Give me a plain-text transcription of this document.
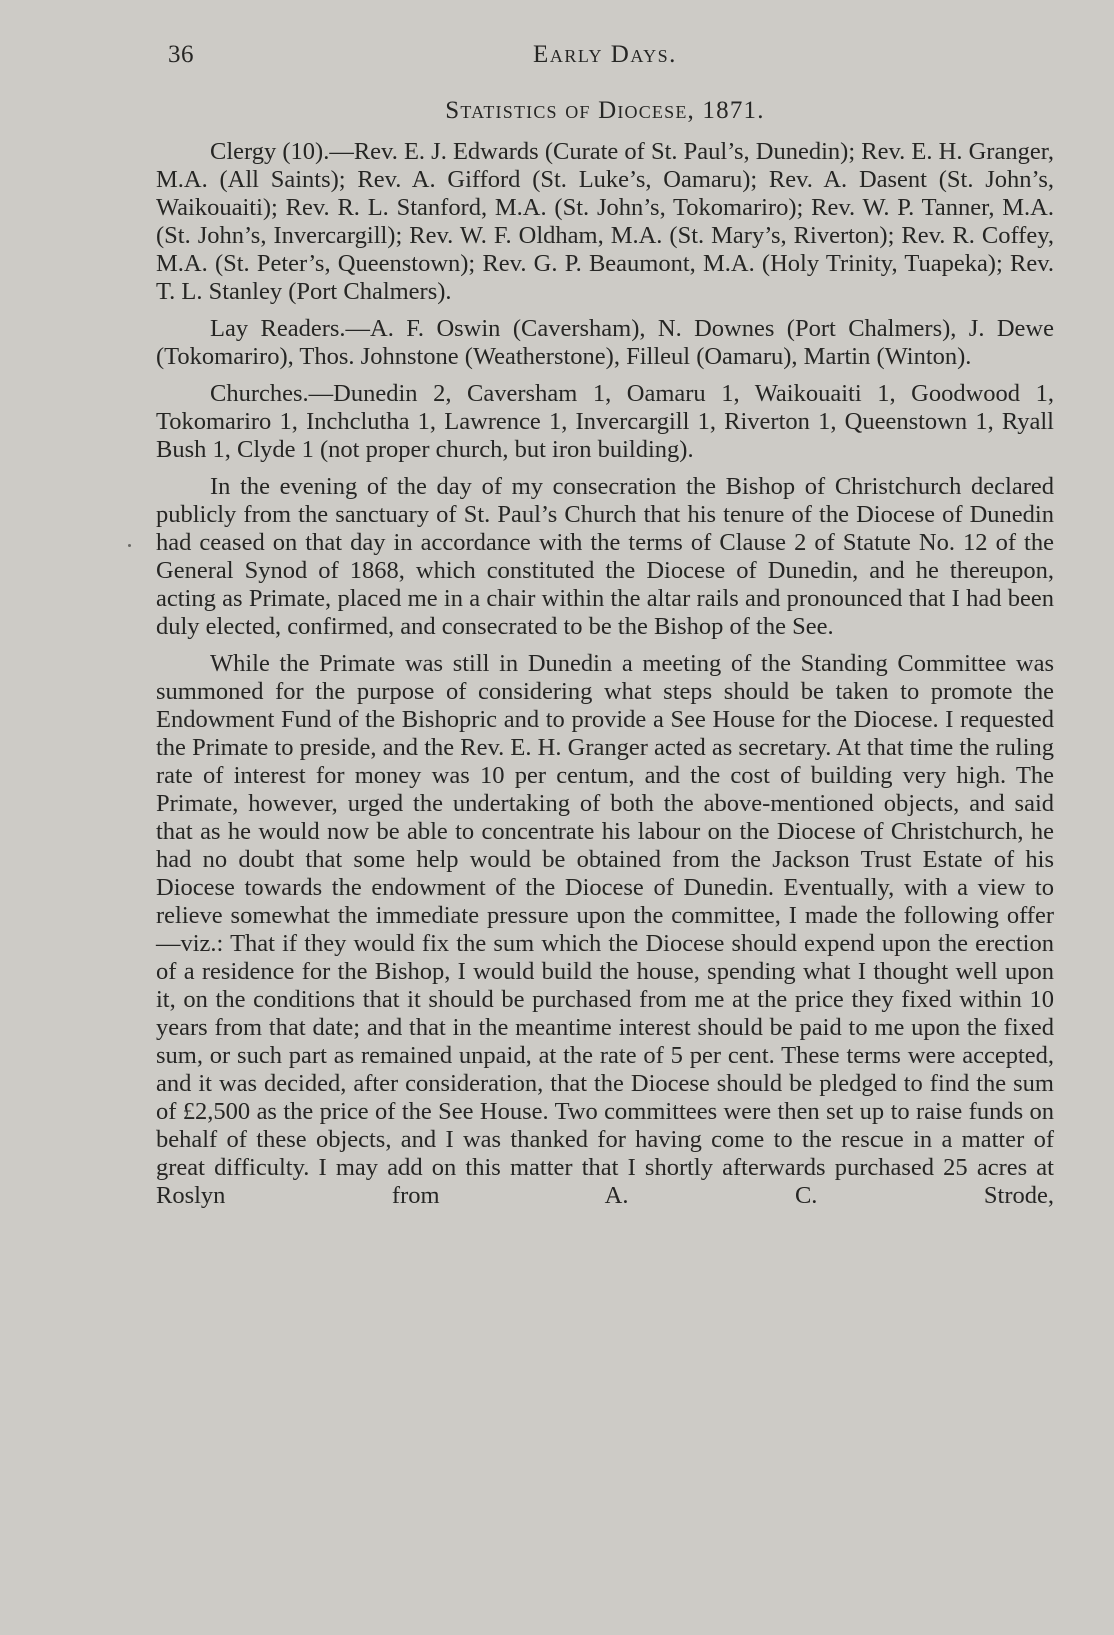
36	Early Days.
Statistics of Diocese, 1871.

Clergy (10).—Rev. E. J. Edwards (Curate of St. Paul’s, Dunedin); Rev. E. H. Granger, M.A. (All Saints); Rev. A. Gifford (St. Luke’s, Oamaru); Rev. A. Dasent (St. John’s, Waikouaiti); Rev. R. L. Stanford, M.A. (St. John’s, Tokomariro); Rev. W. P. Tanner, M.A. (St. John’s, Invercargill); Rev. W. F. Oldham, M.A. (St. Mary’s, Riverton); Rev. R. Coffey, M.A. (St. Peter’s, Queenstown); Rev. G. P. Beaumont, M.A. (Holy Trinity, Tuapeka); Rev. T. L. Stanley (Port Chalmers).

Lay Readers.—A. F. Oswin (Caversham), N. Downes (Port Chalmers), J. Dewe (Tokomariro), Thos. Johnstone (Weatherstone), Filleul (Oamaru), Martin (Winton).

Churches.—Dunedin 2, Caversham 1, Oamaru 1, Waikouaiti 1, Goodwood 1, Tokomariro 1, Inchclutha 1, Lawrence 1, Invercargill 1, Riverton 1, Queenstown 1, Ryall Bush 1, Clyde 1 (not proper church, but iron building).

In the evening of the day of my consecration the Bishop of Christchurch declared publicly from the sanctuary of St. Paul’s Church that his tenure of the Diocese of Dunedin had ceased on that day in accordance with the terms of Clause 2 of Statute No. 12 of the General Synod of 1868, which constituted the Diocese of Dunedin, and he thereupon, acting as Primate, placed me in a chair within the altar rails and pronounced that I had been duly elected, confirmed, and consecrated to be the Bishop of the See.

While the Primate was still in Dunedin a meeting of the Standing Committee was summoned for the purpose of considering what steps should be taken to promote the Endowment Fund of the Bishopric and to provide a See House for the Diocese. I requested the Primate to preside, and the Rev. E. H. Granger acted as secretary. At that time the ruling rate of interest for money was 10 per centum, and the cost of building very high. The Primate, however, urged the undertaking of both the above-mentioned objects, and said that as he would now be able to concentrate his labour on the Diocese of Christchurch, he had no doubt that some help would be obtained from the Jackson Trust Estate of his Diocese towards the endowment of the Diocese of Dunedin. Eventually, with a view to relieve somewhat the immediate pressure upon the committee, I made the following offer—viz.: That if they would fix the sum which the Diocese should expend upon the erection of a residence for the Bishop, I would build the house, spending what I thought well upon it, on the conditions that it should be purchased from me at the price they fixed within 10 years from that date; and that in the meantime interest should be paid to me upon the fixed sum, or such part as remained unpaid, at the rate of 5 per cent. These terms were accepted, and it was decided, after consideration, that the Diocese should be pledged to find the sum of £2,500 as the price of the See House. Two committees were then set up to raise funds on behalf of these objects, and I was thanked for having come to the rescue in a matter of great difficulty. I may add on this matter that I shortly afterwards purchased 25 acres at Roslyn from A. C. Strode,
